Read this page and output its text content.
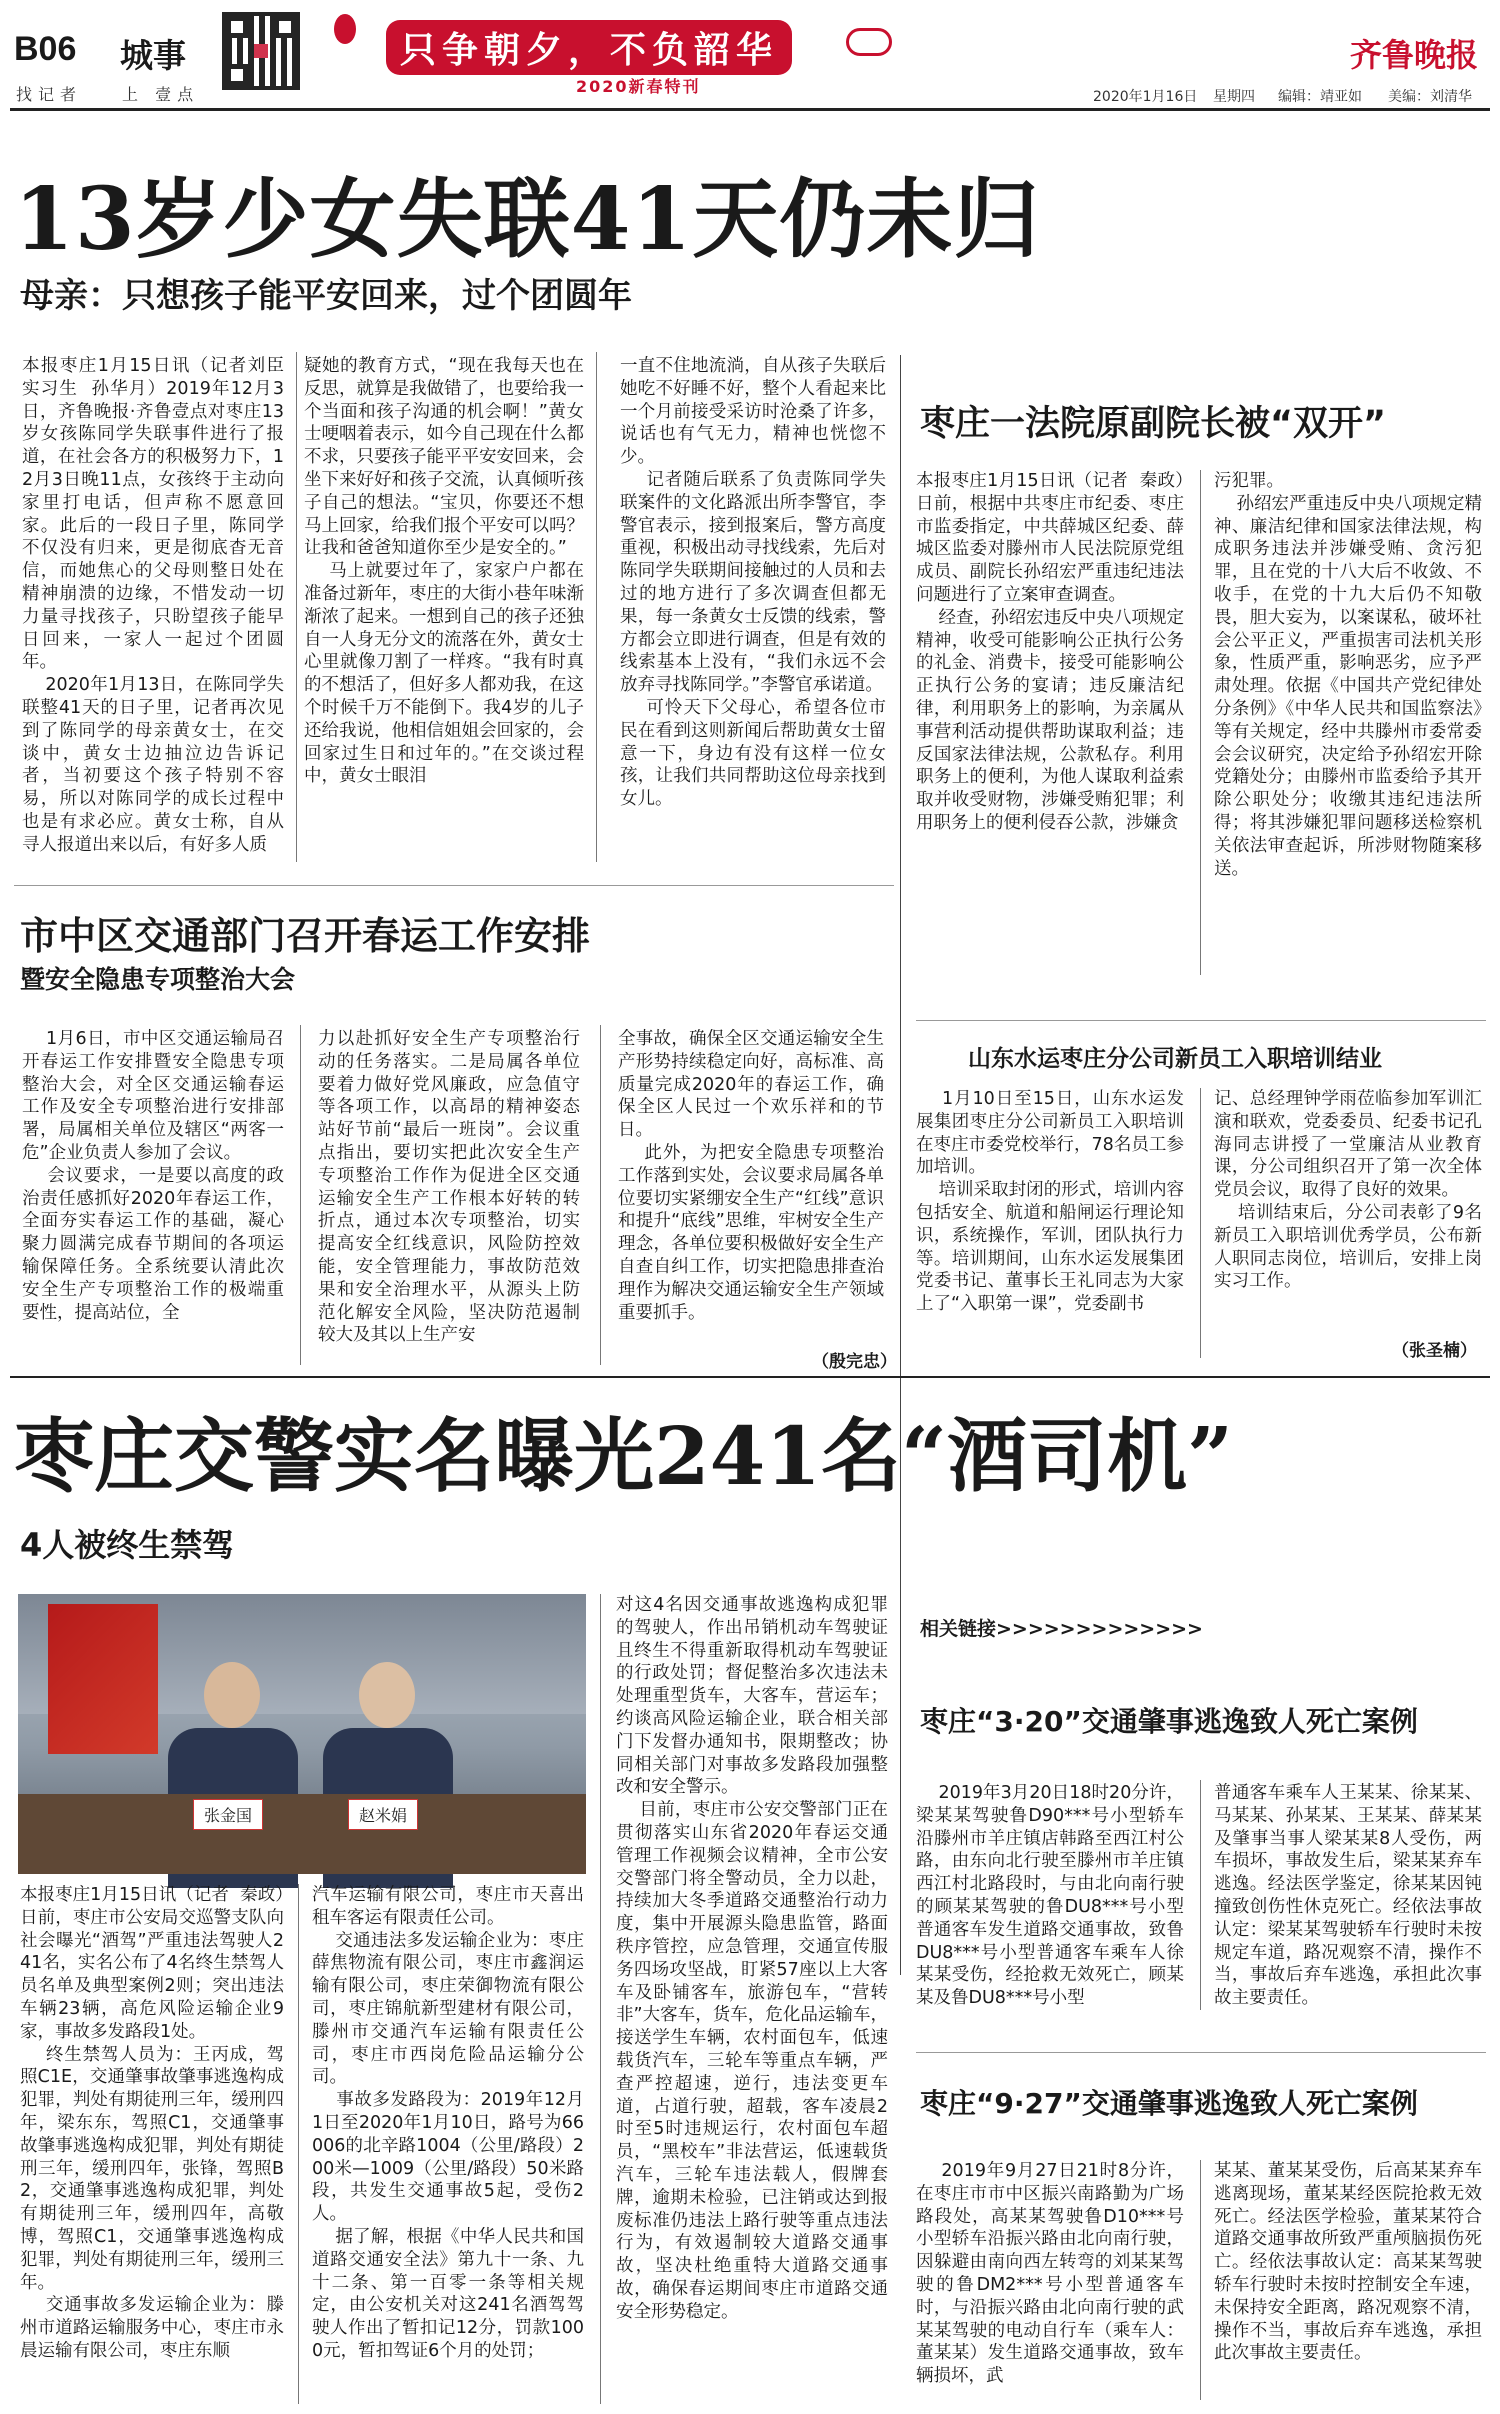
B06 城事
找记者 上 壹点
只争朝夕，不负韶华
2020新春特刊
齐鲁晚报
2020年1月16日 星期四 编辑：靖亚如 美编：刘清华
13岁少女失联41天仍未归
母亲：只想孩子能平安回来，过个团圆年

本报枣庄1月15日讯（记者刘臣  实习生  孙华月）2019年12月3日，齐鲁晚报·齐鲁壹点对枣庄13岁女孩陈同学失联事件进行了报道，在社会各方的积极努力下，12月3日晚11点，女孩终于主动向家里打电话，但声称不愿意回家。此后的一段日子里，陈同学不仅没有归来，更是彻底杳无音信，而她焦心的父母则整日处在精神崩溃的边缘，不惜发动一切力量寻找孩子，只盼望孩子能早日回来，一家人一起过个团圆年。
2020年1月13日，在陈同学失联整41天的日子里，记者再次见到了陈同学的母亲黄女士，在交谈中，黄女士边抽泣边告诉记者，当初要这个孩子特别不容易，所以对陈同学的成长过程中也是有求必应。黄女士称，自从寻人报道出来以后，有好多人质

疑她的教育方式，“现在我每天也在反思，就算是我做错了，也要给我一个当面和孩子沟通的机会啊！”黄女士哽咽着表示，如今自己现在什么都不求，只要孩子能平平安安回来，会坐下来好好和孩子交流，认真倾听孩子自己的想法。“宝贝，你要还不想马上回家，给我们报个平安可以吗？让我和爸爸知道你至少是安全的。”
马上就要过年了，家家户户都在准备过新年，枣庄的大街小巷年味渐渐浓了起来。一想到自己的孩子还独自一人身无分文的流落在外，黄女士心里就像刀割了一样疼。“我有时真的不想活了，但好多人都劝我，在这个时候千万不能倒下。我4岁的儿子还给我说，他相信姐姐会回家的，会回家过生日和过年的。”在交谈过程中，黄女士眼泪

一直不住地流淌，自从孩子失联后她吃不好睡不好，整个人看起来比一个月前接受采访时沧桑了许多，说话也有气无力，精神也恍惚不少。
记者随后联系了负责陈同学失联案件的文化路派出所李警官，李警官表示，接到报案后，警方高度重视，积极出动寻找线索，先后对陈同学失联期间接触过的人员和去过的地方进行了多次调查但都无果，每一条黄女士反馈的线索，警方都会立即进行调查，但是有效的线索基本上没有，“我们永远不会放弃寻找陈同学。”李警官承诺道。
可怜天下父母心，希望各位市民在看到这则新闻后帮助黄女士留意一下，身边有没有这样一位女孩，让我们共同帮助这位母亲找到女儿。

枣庄一法院原副院长被“双开”

本报枣庄1月15日讯（记者  秦政）日前，根据中共枣庄市纪委、枣庄市监委指定，中共薛城区纪委、薛城区监委对滕州市人民法院原党组成员、副院长孙绍宏严重违纪违法问题进行了立案审查调查。
经查，孙绍宏违反中央八项规定精神，收受可能影响公正执行公务的礼金、消费卡，接受可能影响公正执行公务的宴请；违反廉洁纪律，利用职务上的影响，为亲属从事营利活动提供帮助谋取利益；违反国家法律法规，公款私存。利用职务上的便利，为他人谋取利益索取并收受财物，涉嫌受贿犯罪；利用职务上的便利侵吞公款，涉嫌贪

污犯罪。
孙绍宏严重违反中央八项规定精神、廉洁纪律和国家法律法规，构成职务违法并涉嫌受贿、贪污犯罪，且在党的十八大后不收敛、不收手，在党的十九大后仍不知敬畏，胆大妄为，以案谋私，破坏社会公平正义，严重损害司法机关形象，性质严重，影响恶劣，应予严肃处理。依据《中国共产党纪律处分条例》《中华人民共和国监察法》等有关规定，经中共滕州市委常委会会议研究，决定给予孙绍宏开除党籍处分；由滕州市监委给予其开除公职处分；收缴其违纪违法所得；将其涉嫌犯罪问题移送检察机关依法审查起诉，所涉财物随案移送。

市中区交通部门召开春运工作安排
暨安全隐患专项整治大会

1月6日，市中区交通运输局召开春运工作安排暨安全隐患专项整治大会，对全区交通运输春运工作及安全专项整治进行安排部署，局属相关单位及辖区“两客一危”企业负责人参加了会议。
会议要求，一是要以高度的政治责任感抓好2020年春运工作，全面夯实春运工作的基础，凝心聚力圆满完成春节期间的各项运输保障任务。全系统要认清此次安全生产专项整治工作的极端重要性，提高站位，全

力以赴抓好安全生产专项整治行动的任务落实。二是局属各单位要着力做好党风廉政，应急值守等各项工作，以高昂的精神姿态站好节前“最后一班岗”。会议重点指出，要切实把此次安全生产专项整治工作作为促进全区交通运输安全生产工作根本好转的转折点，通过本次专项整治，切实提高安全红线意识，风险防控效能，安全管理能力，事故防范效果和安全治理水平，从源头上防范化解安全风险，坚决防范遏制较大及其以上生产安

全事故，确保全区交通运输安全生产形势持续稳定向好，高标准、高质量完成2020年的春运工作，确保全区人民过一个欢乐祥和的节日。
此外，为把安全隐患专项整治工作落到实处，会议要求局属各单位要切实紧绷安全生产“红线”意识和提升“底线”思维，牢树安全生产理念，各单位要积极做好安全生产自查自纠工作，切实把隐患排查治理作为解决交通运输安全生产领域重要抓手。

（殷完忠）
山东水运枣庄分公司新员工入职培训结业

1月10日至15日，山东水运发展集团枣庄分公司新员工入职培训在枣庄市委党校举行，78名员工参加培训。
培训采取封闭的形式，培训内容包括安全、航道和船闸运行理论知识，系统操作，军训，团队执行力等。培训期间，山东水运发展集团党委书记、董事长王礼同志为大家上了“入职第一课”，党委副书

记、总经理钟学雨莅临参加军训汇演和联欢，党委委员、纪委书记孔海同志讲授了一堂廉洁从业教育课，分公司组织召开了第一次全体党员会议，取得了良好的效果。
培训结束后，分公司表彰了9名新员工入职培训优秀学员，公布新人职同志岗位，培训后，安排上岗实习工作。

（张圣楠）
枣庄交警实名曝光241名“酒司机”
4人被终生禁驾
张金国	赵米娟

本报枣庄1月15日讯（记者  秦政）日前，枣庄市公安局交巡警支队向社会曝光“酒驾”严重违法驾驶人241名，实名公布了4名终生禁驾人员名单及典型案例2则；突出违法车辆23辆，高危风险运输企业9家，事故多发路段1处。
终生禁驾人员为：王丙成，驾照C1E，交通肇事故肇事逃逸构成犯罪，判处有期徒刑三年，缓刑四年，梁东东，驾照C1，交通肇事故肇事逃逸构成犯罪，判处有期徒刑三年，缓刑四年，张锋，驾照B2，交通肇事逃逸构成犯罪，判处有期徒刑三年，缓刑四年，高敬博，驾照C1，交通肇事逃逸构成犯罪，判处有期徒刑三年，缓刑三年。
交通事故多发运输企业为：滕州市道路运输服务中心，枣庄市永晨运输有限公司，枣庄东顺

汽车运输有限公司，枣庄市天喜出租车客运有限责任公司。
交通违法多发运输企业为：枣庄薛焦物流有限公司，枣庄市鑫润运输有限公司，枣庄荣御物流有限公司，枣庄锦航新型建材有限公司，滕州市交通汽车运输有限责任公司，枣庄市西岗危险品运输分公司。
事故多发路段为：2019年12月1日至2020年1月10日，路号为66006的北辛路1004（公里/路段）200米—1009（公里/路段）50米路段，共发生交通事故5起，受伤2人。
据了解，根据《中华人民共和国道路交通安全法》第九十一条、九十二条、第一百零一条等相关规定，由公安机关对这241名酒驾驾驶人作出了暂扣记12分，罚款1000元，暂扣驾证6个月的处罚；

对这4名因交通事故逃逸构成犯罪的驾驶人，作出吊销机动车驾驶证且终生不得重新取得机动车驾驶证的行政处罚；督促整治多次违法未处理重型货车，大客车，营运车；约谈高风险运输企业，联合相关部门下发督办通知书，限期整改；协同相关部门对事故多发路段加强整改和安全警示。
目前，枣庄市公安交警部门正在贯彻落实山东省2020年春运交通管理工作视频会议精神，全市公安交警部门将全警动员，全力以赴，持续加大冬季道路交通整治行动力度，集中开展源头隐患监管，路面秩序管控，应急管理，交通宣传服务四场攻坚战，盯紧57座以上大客车及卧铺客车，旅游包车，“营转非”大客车，货车，危化品运输车，接送学生车辆，农村面包车，低速载货汽车，三轮车等重点车辆，严查严控超速，逆行，违法变更车道，占道行驶，超载，客车凌晨2时至5时违规运行，农村面包车超员，“黑校车”非法营运，低速载货汽车，三轮车违法载人，假牌套牌，逾期未检验，已注销或达到报废标准仍违法上路行驶等重点违法行为，有效遏制较大道路交通事故，坚决杜绝重特大道路交通事故，确保春运期间枣庄市道路交通安全形势稳定。

相关链接>>>>>>>>>>>>>
枣庄“3·20”交通肇事逃逸致人死亡案例

2019年3月20日18时20分许，梁某某驾驶鲁D90***号小型轿车沿滕州市羊庄镇店韩路至西江村公路，由东向北行驶至滕州市羊庄镇西江村北路段时，与由北向南行驶的顾某某驾驶的鲁DU8***号小型普通客车发生道路交通事故，致鲁DU8***号小型普通客车乘车人徐某某受伤，经抢救无效死亡，顾某某及鲁DU8***号小型

普通客车乘车人王某某、徐某某、马某某、孙某某、王某某、薛某某及肇事当事人梁某某8人受伤，两车损坏，事故发生后，梁某某弃车逃逸。经法医学鉴定，徐某某因钝撞致创伤性休克死亡。经依法事故认定：梁某某驾驶轿车行驶时未按规定车道，路况观察不清，操作不当，事故后弃车逃逸，承担此次事故主要责任。

枣庄“9·27”交通肇事逃逸致人死亡案例

2019年9月27日21时8分许，在枣庄市市中区振兴南路勤为广场路段处，高某某驾驶鲁D10***号小型轿车沿振兴路由北向南行驶，因躲避由南向西左转弯的刘某某驾驶的鲁DM2***号小型普通客车时，与沿振兴路由北向南行驶的武某某驾驶的电动自行车（乘车人：董某某）发生道路交通事故，致车辆损坏，武

某某、董某某受伤，后高某某弃车逃离现场，董某某经医院抢救无效死亡。经法医学检验，董某某符合道路交通事故所致严重颅脑损伤死亡。经依法事故认定：高某某驾驶轿车行驶时未按时控制安全车速，未保持安全距离，路况观察不清，操作不当，事故后弃车逃逸，承担此次事故主要责任。
